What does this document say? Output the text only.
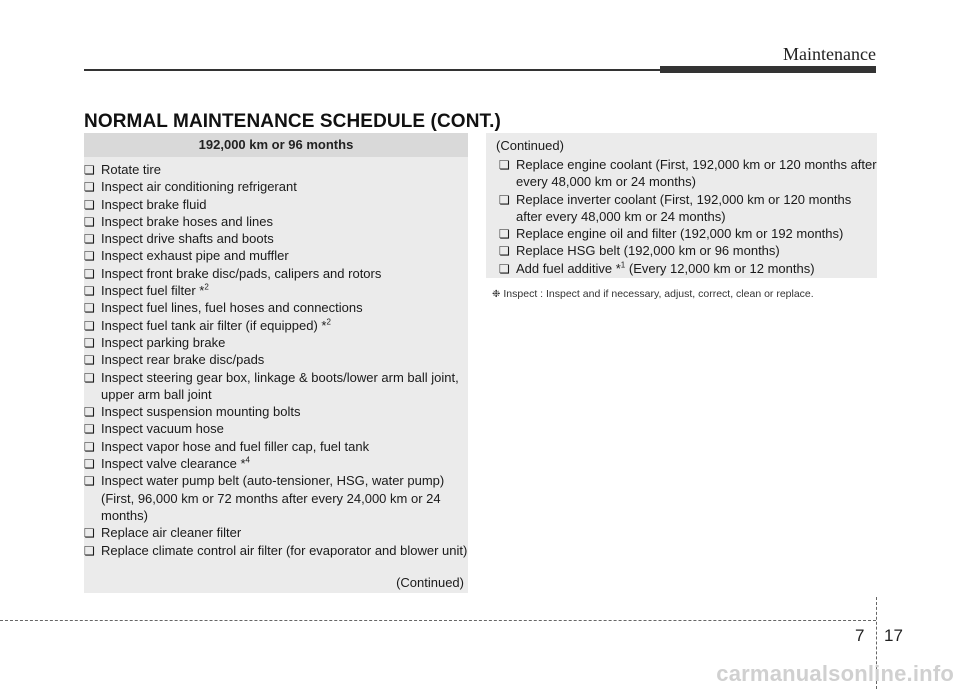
Maintenance
NORMAL MAINTENANCE SCHEDULE (CONT.)
192,000 km or 96 months
❏ Rotate tire
❏ Inspect air conditioning refrigerant
❏ Inspect brake fluid
❏ Inspect brake hoses and lines
❏ Inspect drive shafts and boots
❏ Inspect exhaust pipe and muffler
❏ Inspect front brake disc/pads, calipers and rotors
❏ Inspect fuel filter *$^2$
❏ Inspect fuel lines, fuel hoses and connections
❏ Inspect fuel tank air filter (if equipped) *$^2$
❏ Inspect parking brake
❏ Inspect rear brake disc/pads
❏ Inspect steering gear box, linkage & boots/lower arm ball joint, upper arm ball joint
❏ Inspect suspension mounting bolts
❏ Inspect vacuum hose
❏ Inspect vapor hose and fuel filler cap, fuel tank
❏ Inspect valve clearance *$^4$
❏ Inspect water pump belt (auto-tensioner, HSG, water pump) (First, 96,000 km or 72 months after every 24,000 km or 24 months)
❏ Replace air cleaner filter
❏ Replace climate control air filter (for evaporator and blower unit)
(Continued)
(Continued)
❏ Replace engine coolant (First, 192,000 km or 120 months after every 48,000 km or 24 months)
❏ Replace inverter coolant (First, 192,000 km or 120 months after every 48,000 km or 24 months)
❏ Replace engine oil and filter (192,000 km or 192 months)
❏ Replace HSG belt (192,000 km or 96 months)
❏ Add fuel additive *$^1$ (Every 12,000 km or 12 months)
❉ Inspect : Inspect and if necessary, adjust, correct, clean or replace.
7 17
carmanualsonline.info
